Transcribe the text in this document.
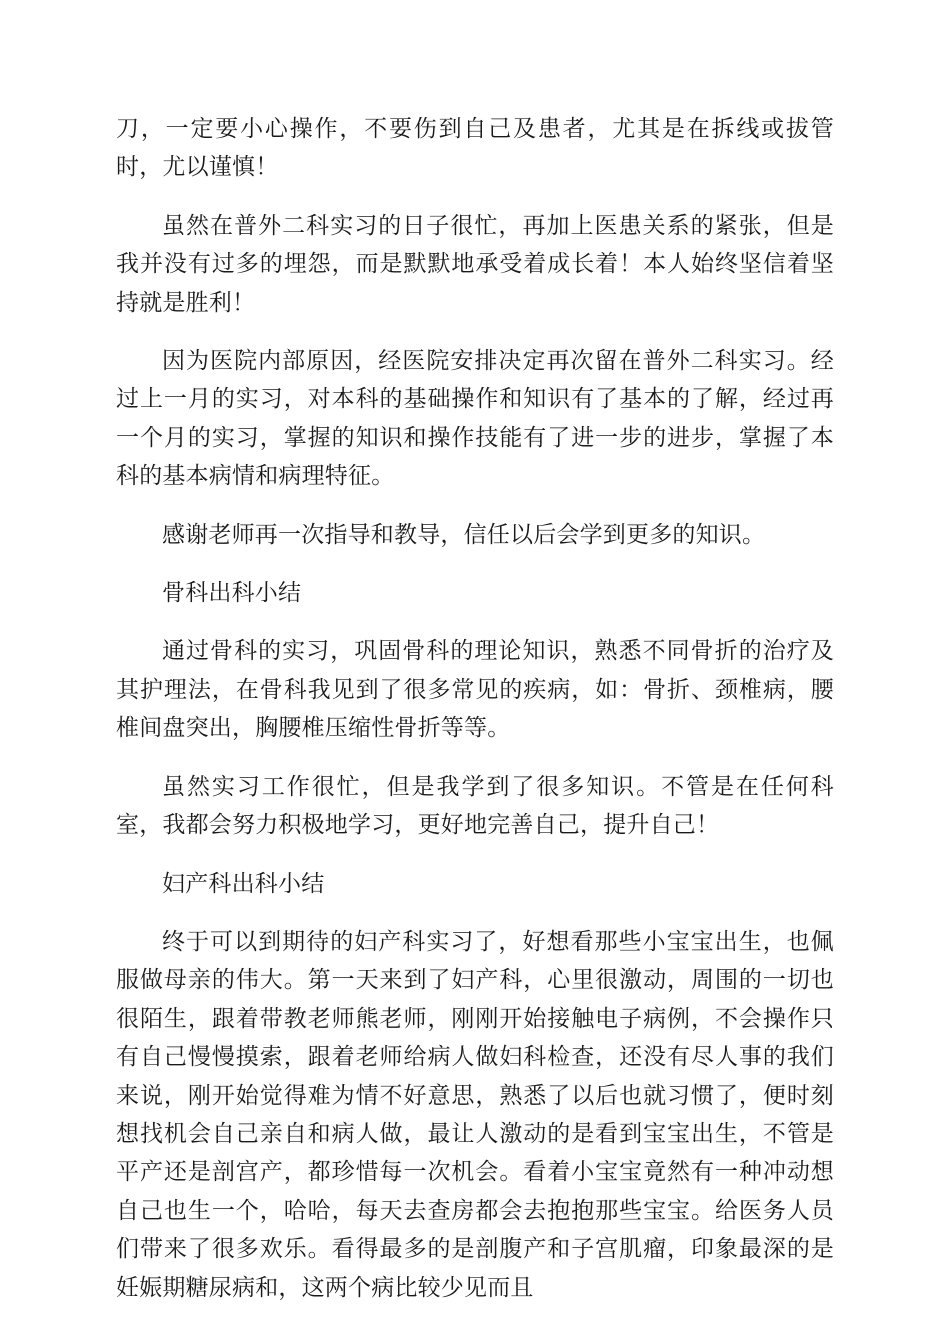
刀，一定要小心操作，不要伤到自己及患者，尤其是在拆线或拔管时，尤以谨慎！

虽然在普外二科实习的日子很忙，再加上医患关系的紧张，但是我并没有过多的埋怨，而是默默地承受着成长着！本人始终坚信着坚持就是胜利！

因为医院内部原因，经医院安排决定再次留在普外二科实习。经过上一月的实习，对本科的基础操作和知识有了基本的了解，经过再一个月的实习，掌握的知识和操作技能有了进一步的进步，掌握了本科的基本病情和病理特征。

感谢老师再一次指导和教导，信任以后会学到更多的知识。

骨科出科小结

通过骨科的实习，巩固骨科的理论知识，熟悉不同骨折的治疗及其护理法，在骨科我见到了很多常见的疾病，如：骨折、颈椎病，腰椎间盘突出，胸腰椎压缩性骨折等等。

虽然实习工作很忙，但是我学到了很多知识。不管是在任何科室，我都会努力积极地学习，更好地完善自己，提升自己！

妇产科出科小结

终于可以到期待的妇产科实习了，好想看那些小宝宝出生，也佩服做母亲的伟大。第一天来到了妇产科，心里很激动，周围的一切也很陌生，跟着带教老师熊老师，刚刚开始接触电子病例，不会操作只有自己慢慢摸索，跟着老师给病人做妇科检查，还没有尽人事的我们来说，刚开始觉得难为情不好意思，熟悉了以后也就习惯了，便时刻想找机会自己亲自和病人做，最让人激动的是看到宝宝出生，不管是平产还是剖宫产，都珍惜每一次机会。看着小宝宝竟然有一种冲动想自己也生一个，哈哈，每天去查房都会去抱抱那些宝宝。给医务人员们带来了很多欢乐。看得最多的是剖腹产和子宫肌瘤，印象最深的是妊娠期糖尿病和，这两个病比较少见而且
